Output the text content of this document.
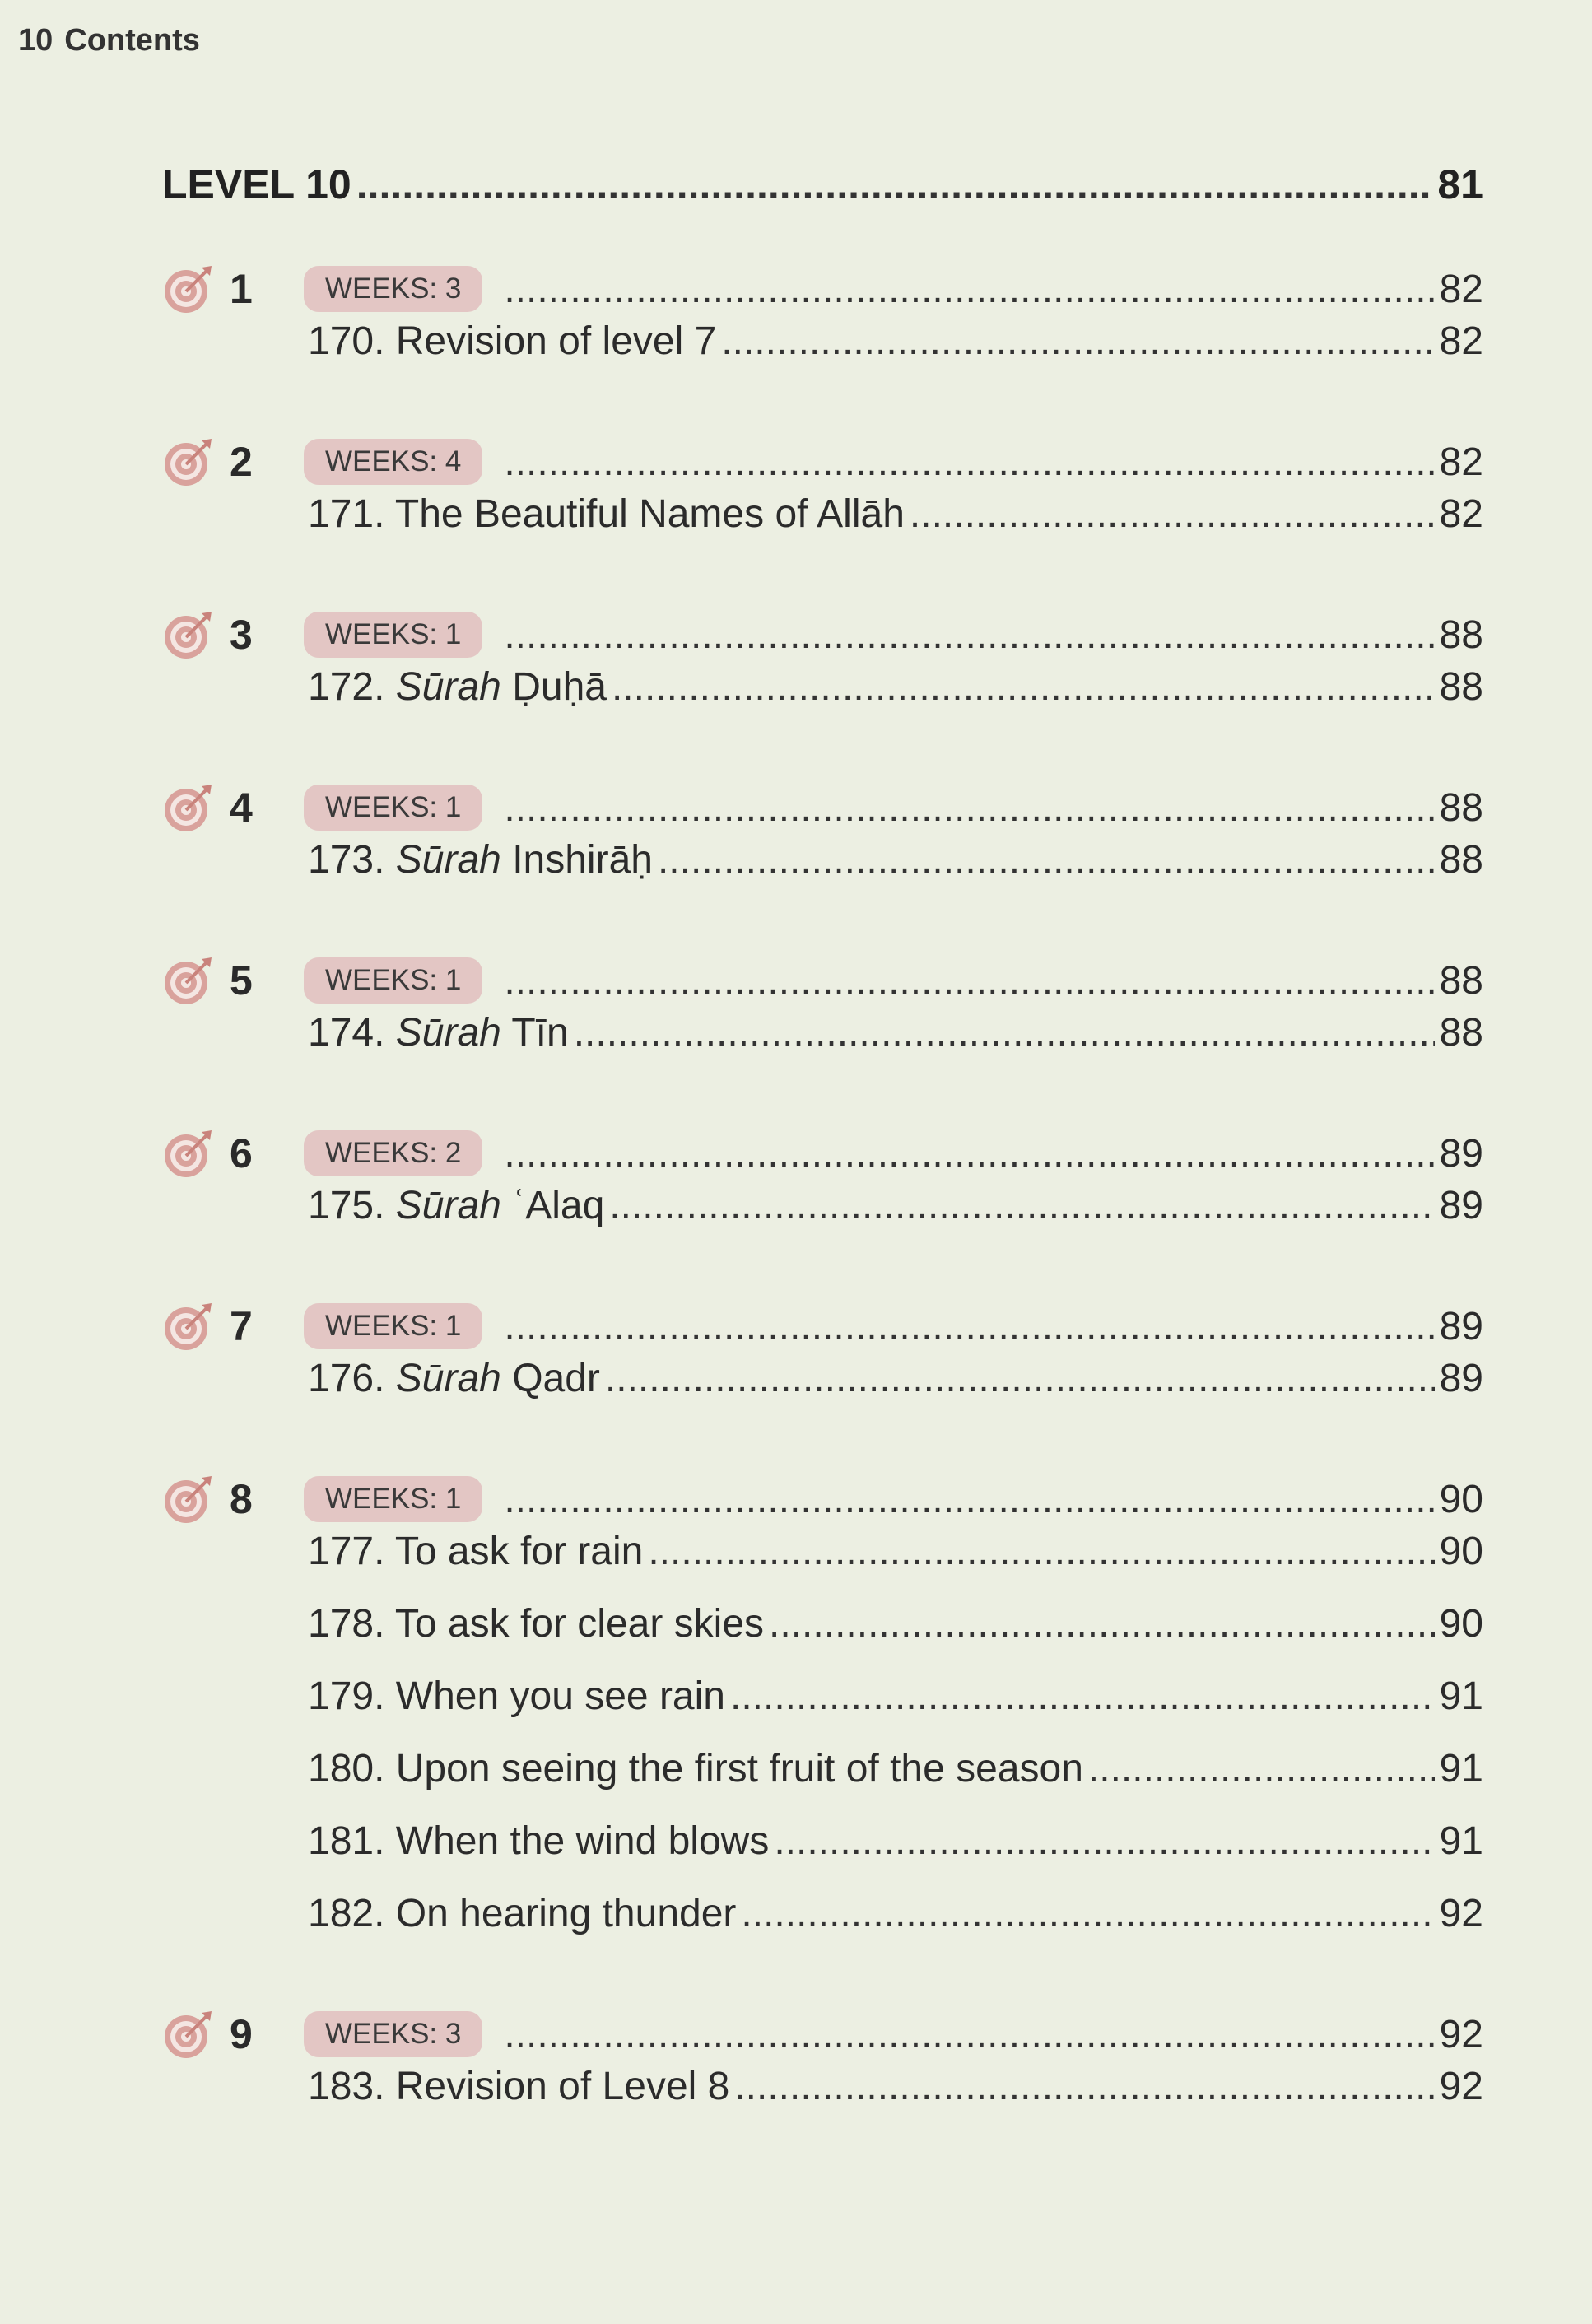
10 Contents
LEVEL 10 .....	81
1	WEEKS: 3 .....	82
170. Revision of level 7 .....	82
2	WEEKS: 4 .....	82
171. The Beautiful Names of Allāh .....	82
3	WEEKS: 1 .....	88
172. Sūrah Ḍuḥā .....	88
4	WEEKS: 1 .....	88
173. Sūrah Inshirāḥ .....	88
5	WEEKS: 1 .....	88
174. Sūrah Tīn .....	88
6	WEEKS: 2 .....	89
175. Sūrah ʿAlaq .....	89
7	WEEKS: 1 .....	89
176. Sūrah Qadr .....	89
8	WEEKS: 1 .....	90
177. To ask for rain .....	90
178. To ask for clear skies .....	90
179. When you see rain .....	91
180. Upon seeing the first fruit of the season .....	91
181. When the wind blows .....	91
182. On hearing thunder .....	92
9	WEEKS: 3 .....	92
183. Revision of Level 8 .....	92
